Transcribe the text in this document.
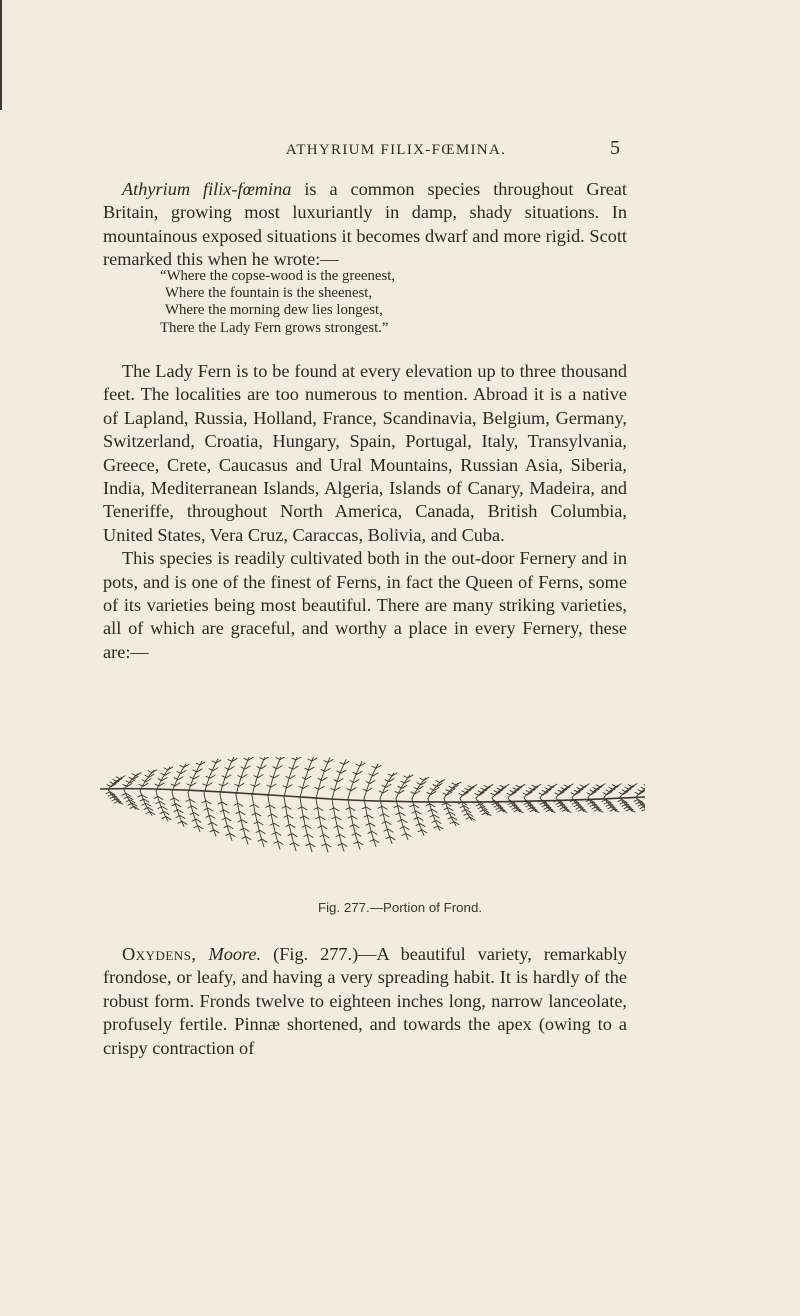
ATHYRIUM FILIX-FŒMINA.	5

Athyrium filix-fœmina is a common species throughout Great Britain, growing most luxuriantly in damp, shady situations. In mountainous exposed situations it becomes dwarf and more rigid. Scott remarked this when he wrote:—

“Where the copse-wood is the greenest,
Where the fountain is the sheenest,
Where the morning dew lies longest,
There the Lady Fern grows strongest.”

The Lady Fern is to be found at every elevation up to three thousand feet. The localities are too numerous to mention. Abroad it is a native of Lapland, Russia, Holland, France, Scandinavia, Belgium, Germany, Switzerland, Croatia, Hungary, Spain, Portugal, Italy, Transylvania, Greece, Crete, Caucasus and Ural Mountains, Russian Asia, Siberia, India, Mediterranean Islands, Algeria, Islands of Canary, Madeira, and Teneriffe, throughout North America, Canada, British Columbia, United States, Vera Cruz, Caraccas, Bolivia, and Cuba.

This species is readily cultivated both in the out-door Fernery and in pots, and is one of the finest of Ferns, in fact the Queen of Ferns, some of its varieties being most beautiful. There are many striking varieties, all of which are graceful, and worthy a place in every Fernery, these are:—

Fig. 277.—Portion of Frond.

Oxydens, Moore. (Fig. 277.)—A beautiful variety, remarkably frondose, or leafy, and having a very spreading habit. It is hardly of the robust form. Fronds twelve to eighteen inches long, narrow lanceolate, profusely fertile. Pinnæ shortened, and towards the apex (owing to a crispy contraction of
